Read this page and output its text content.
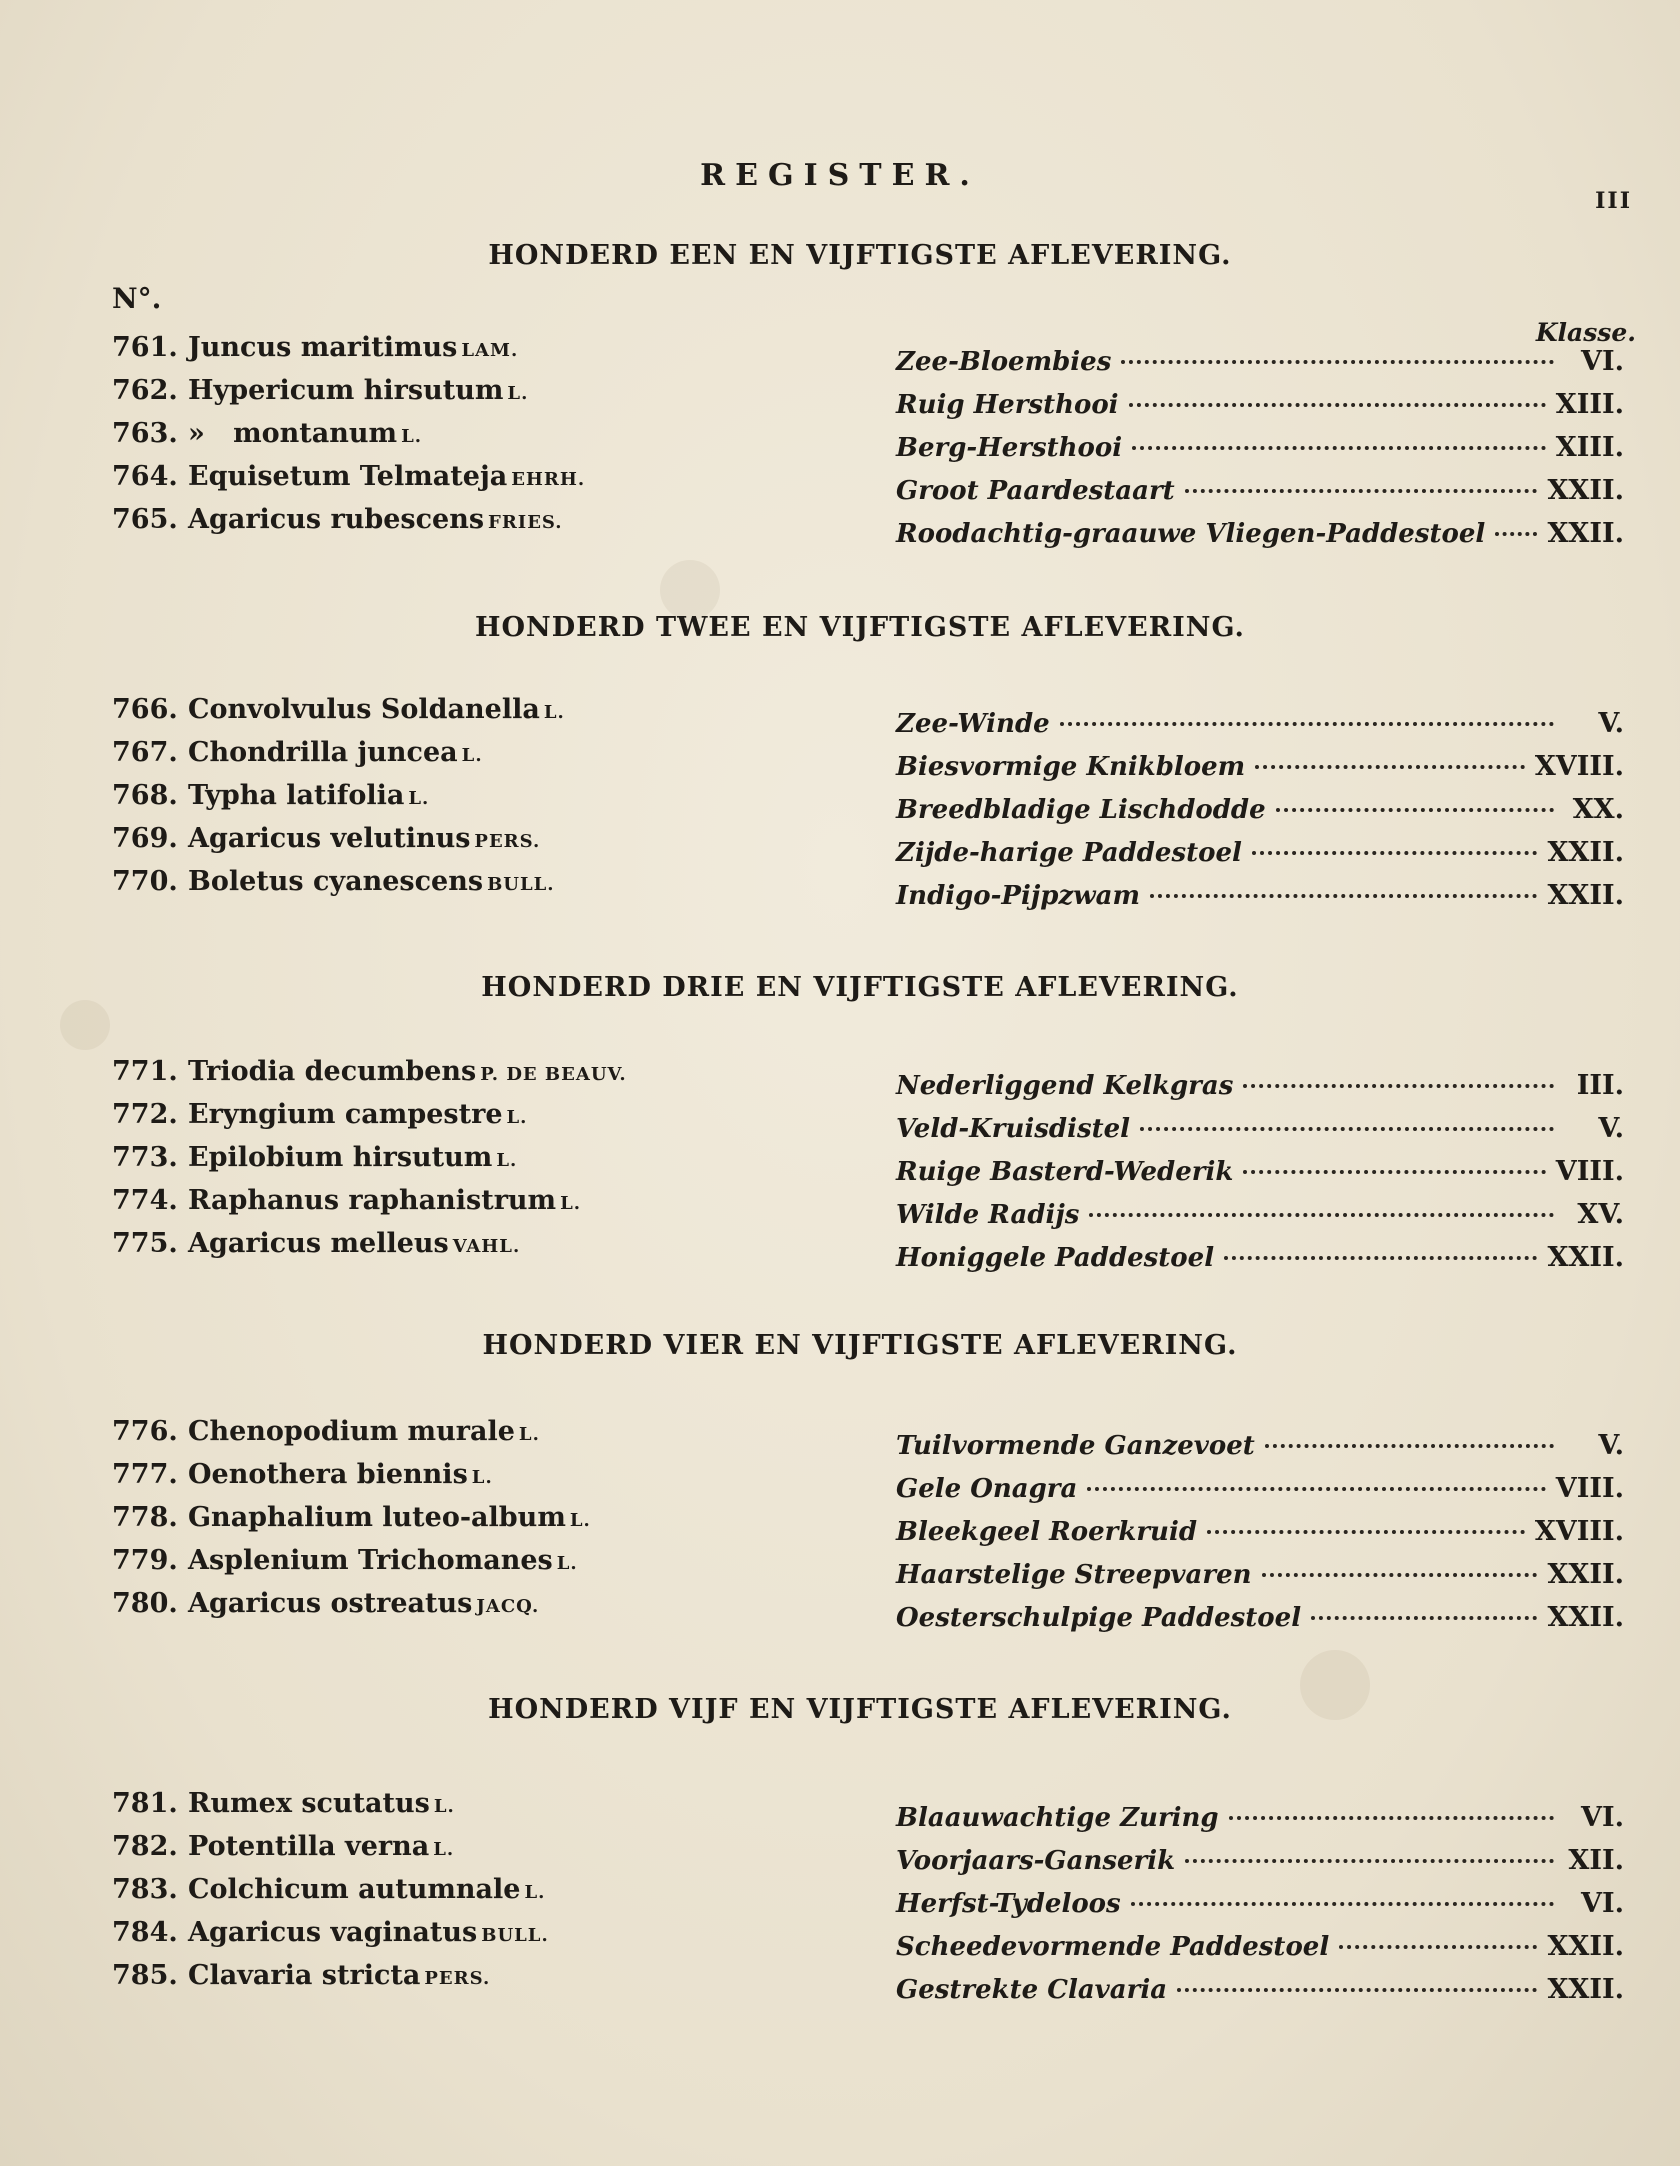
REGISTER.
III
N°.
Klasse.
HONDERD EEN EN VIJFTIGSTE AFLEVERING.
761. Juncus maritimus LAM.	Zee-Bloembies	VI.
762. Hypericum hirsutum L.	Ruig Hersthooi	XIII.
763. »   montanum L.	Berg-Hersthooi	XIII.
764. Equisetum Telmateja EHRH.	Groot Paardestaart	XXII.
765. Agaricus rubescens FRIES.	Roodachtig-graauwe Vliegen-Paddestoel XXII.
HONDERD TWEE EN VIJFTIGSTE AFLEVERING.
766. Convolvulus Soldanella L.	Zee-Winde	V.
767. Chondrilla juncea L.	Biesvormige Knikbloem	XVIII.
768. Typha latifolia L.	Breedbladige Lischdodde	XX.
769. Agaricus velutinus PERS.	Zijde-harige Paddestoel	XXII.
770. Boletus cyanescens BULL.	Indigo-Pijpzwam	XXII.
HONDERD DRIE EN VIJFTIGSTE AFLEVERING.
771. Triodia decumbens P. DE BEAUV.	Nederliggend Kelkgras	III.
772. Eryngium campestre L.	Veld-Kruisdistel	V.
773. Epilobium hirsutum L.	Ruige Basterd-Wederik	VIII.
774. Raphanus raphanistrum L.	Wilde Radijs	XV.
775. Agaricus melleus VAHL.	Honiggele Paddestoel	XXII.
HONDERD VIER EN VIJFTIGSTE AFLEVERING.
776. Chenopodium murale L.	Tuilvormende Ganzevoet	V.
777. Oenothera biennis L.	Gele Onagra	VIII.
778. Gnaphalium luteo-album L.	Bleekgeel Roerkruid	XVIII.
779. Asplenium Trichomanes L.	Haarstelige Streepvaren	XXII.
780. Agaricus ostreatus JACQ.	Oesterschulpige Paddestoel	XXII.
HONDERD VIJF EN VIJFTIGSTE AFLEVERING.
781. Rumex scutatus L.	Blaauwachtige Zuring	VI.
782. Potentilla verna L.	Voorjaars-Ganserik	XII.
783. Colchicum autumnale L.	Herfst-Tydeloos	VI.
784. Agaricus vaginatus BULL.	Scheedevormende Paddestoel	XXII.
785. Clavaria stricta PERS.	Gestrekte Clavaria	XXII.
